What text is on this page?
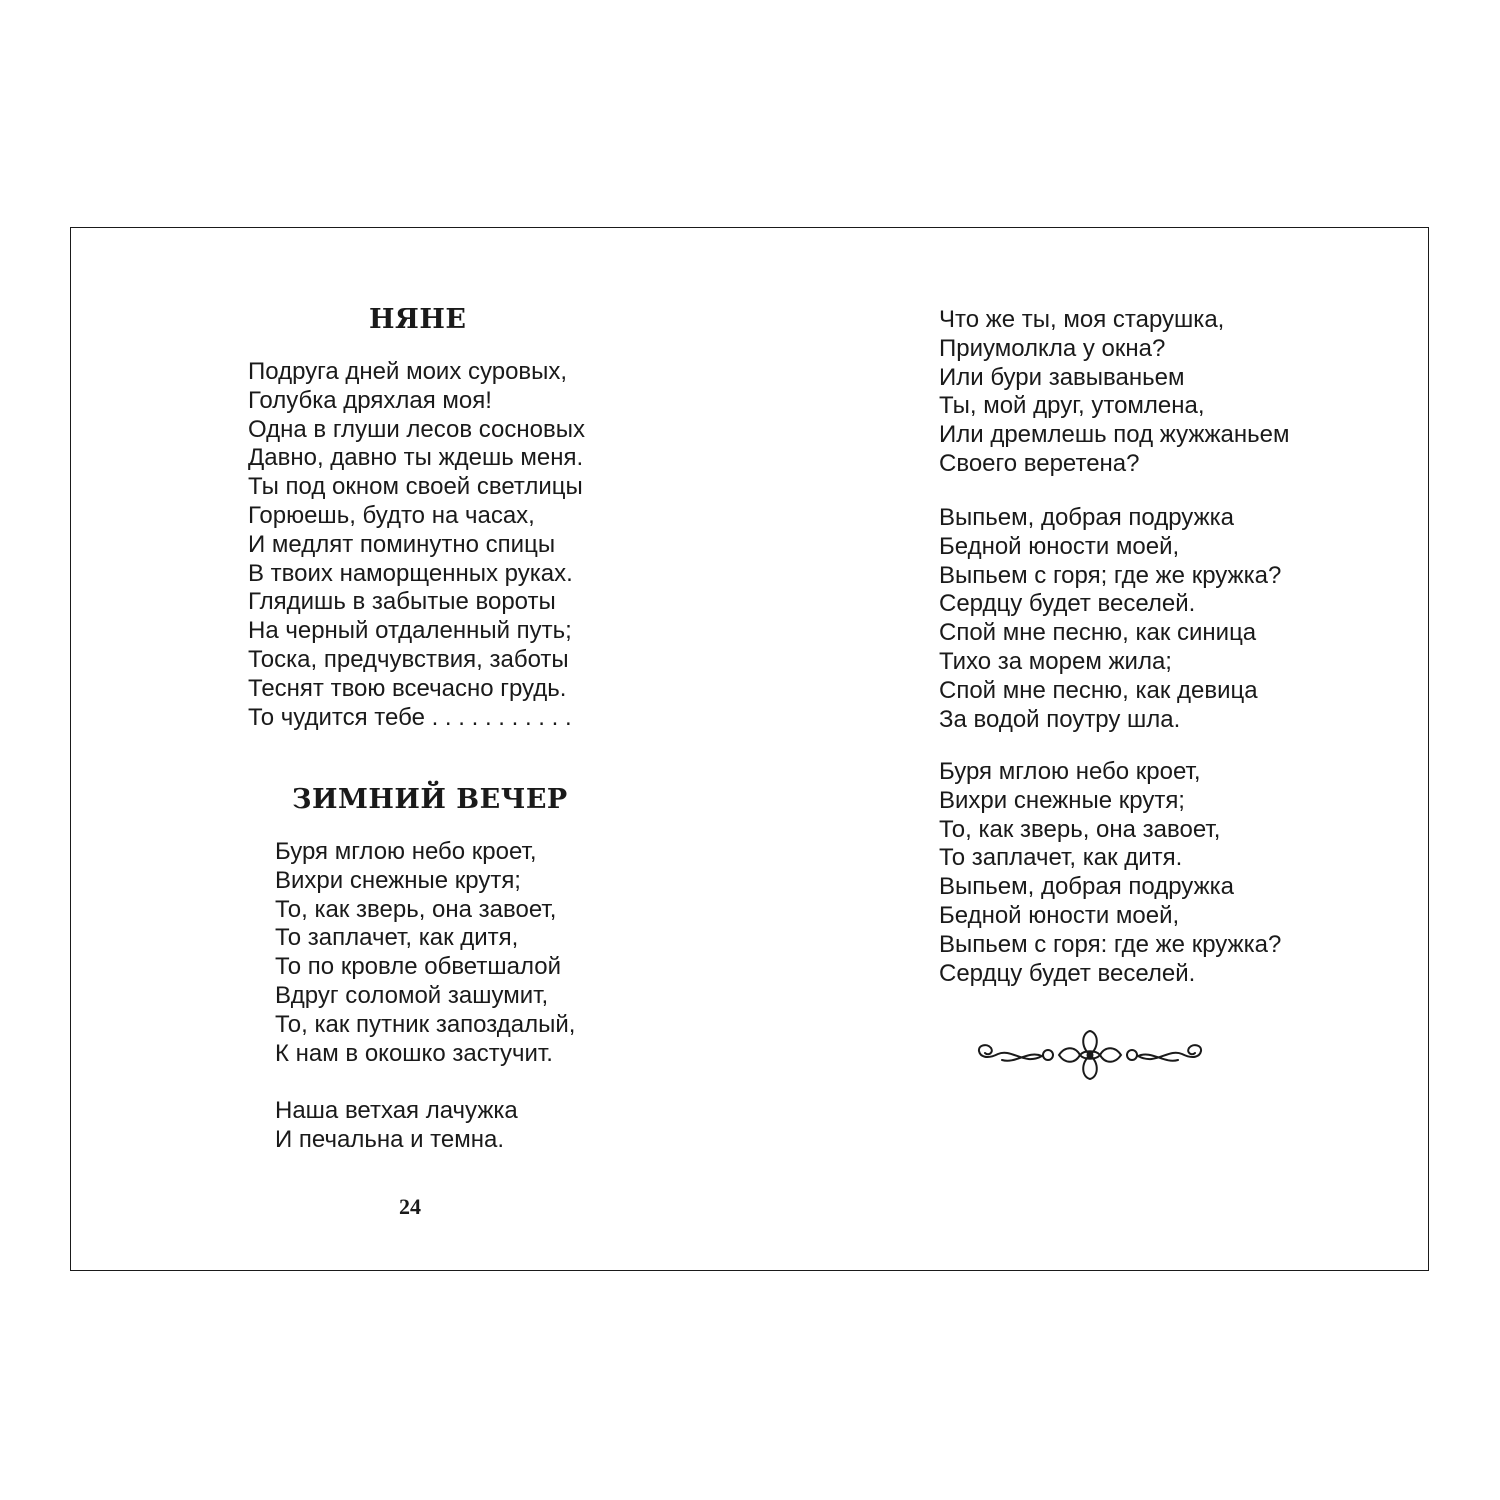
НЯНЕ
Подруга дней моих суровых,
Голубка дряхлая моя!
Одна в глуши лесов сосновых
Давно, давно ты ждешь меня.
Ты под окном своей светлицы
Горюешь, будто на часах,
И медлят поминутно спицы
В твоих наморщенных руках.
Глядишь в забытые вороты
На черный отдаленный путь;
Тоска, предчувствия, заботы
Теснят твою всечасно грудь.
То чудится тебе . . . . . . . . . . .
ЗИМНИЙ ВЕЧЕР
Буря мглою небо кроет,
Вихри снежные крутя;
То, как зверь, она завоет,
То заплачет, как дитя,
То по кровле обветшалой
Вдруг соломой зашумит,
То, как путник запоздалый,
К нам в окошко застучит.
Наша ветхая лачужка
И печальна и темна.
24
Что же ты, моя старушка,
Приумолкла у окна?
Или бури завываньем
Ты, мой друг, утомлена,
Или дремлешь под жужжаньем
Своего веретена?
Выпьем, добрая подружка
Бедной юности моей,
Выпьем с горя; где же кружка?
Сердцу будет веселей.
Спой мне песню, как синица
Тихо за морем жила;
Спой мне песню, как девица
За водой поутру шла.
Буря мглою небо кроет,
Вихри снежные крутя;
То, как зверь, она завоет,
То заплачет, как дитя.
Выпьем, добрая подружка
Бедной юности моей,
Выпьем с горя: где же кружка?
Сердцу будет веселей.
